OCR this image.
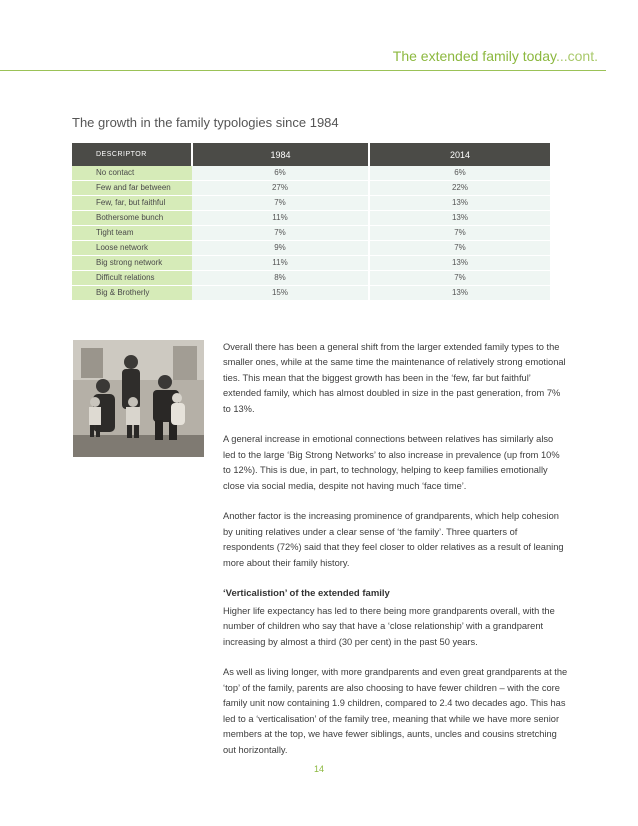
The extended family today...cont.
The growth in the family typologies since 1984
DESCRIPTOR	1984	2014
No contact	6%	6%
Few and far between	27%	22%
Few, far, but faithful	7%	13%
Bothersome bunch	11%	13%
Tight team	7%	7%
Loose network	9%	7%
Big strong network	11%	13%
Difficult relations	8%	7%
Big & Brotherly	15%	13%

Overall there has been a general shift from the larger extended family types to the smaller ones, while at the same time the maintenance of relatively strong emotional ties. This mean that the biggest growth has been in the ‘few, far but faithful’ extended family, which has almost doubled in size in the past generation, from 7% to 13%.

A general increase in emotional connections between relatives has similarly also led to the large ‘Big Strong Networks’ to also increase in prevalence (up from 10% to 12%). This is due, in part, to technology, helping to keep families emotionally close via social media, despite not having much ‘face time’.

Another factor is the increasing prominence of grandparents, which help cohesion by uniting relatives under a clear sense of ‘the family’. Three quarters of respondents (72%) said that they feel closer to older relatives as a result of leaning more about their family history.

‘Verticalistion’ of the extended family

Higher life expectancy has led to there being more grandparents overall, with the number of children who say that have a ‘close relationship’ with a grandparent increasing by almost a third (30 per cent) in the past 50 years.

As well as living longer, with more grandparents and even great grandparents at the ‘top’ of the family, parents are also choosing to have fewer children – with the core family unit now containing 1.9 children, compared to 2.4 two decades ago. This has led to a ‘verticalisation’ of the family tree, meaning that while we have more senior members at the top, we have fewer siblings, aunts, uncles and cousins stretching out horizontally.

14
